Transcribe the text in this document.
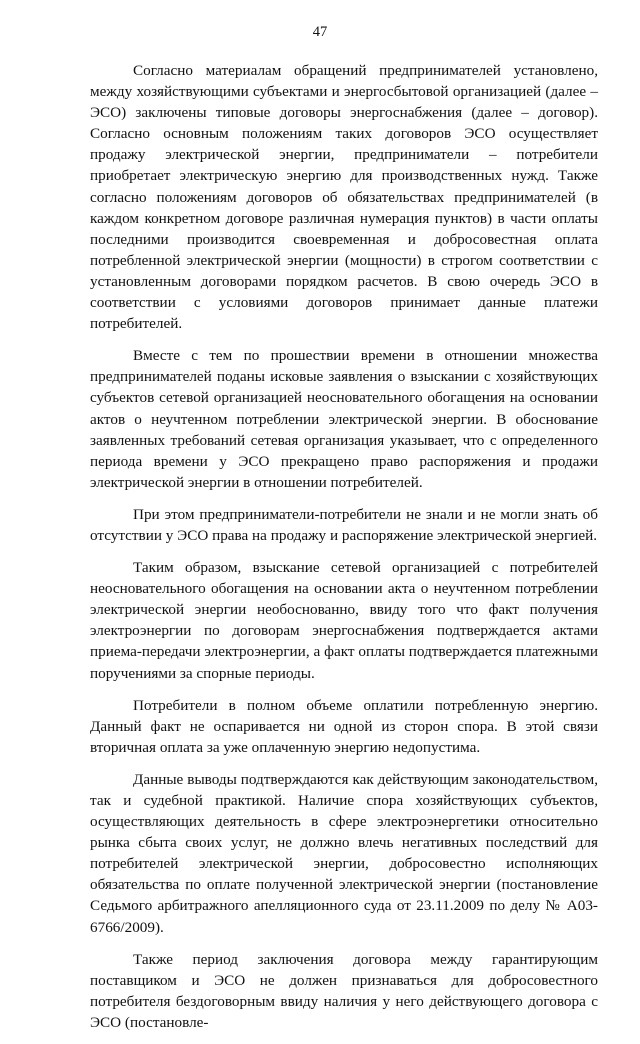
47

Согласно материалам обращений предпринимателей установлено, между хозяйствующими субъектами и энергосбытовой организацией (далее – ЭСО) заключены типовые договоры энергоснабжения (далее – договор). Согласно основным положениям таких договоров ЭСО осуществляет продажу электрической энергии, предприниматели – потребители приобретает электрическую энергию для производственных нужд. Также согласно положениям договоров об обязательствах предпринимателей (в каждом конкретном договоре различная нумерация пунктов) в части оплаты последними производится своевременная и добросовестная оплата потребленной электрической энергии (мощности) в строгом соответствии с установленным договорами порядком расчетов. В свою очередь ЭСО в соответствии с условиями договоров принимает данные платежи потребителей.

Вместе с тем по прошествии времени в отношении множества предпринимателей поданы исковые заявления о взыскании с хозяйствующих субъектов сетевой организацией неосновательного обогащения на основании актов о неучтенном потреблении электрической энергии. В обоснование заявленных требований сетевая организация указывает, что с определенного периода времени у ЭСО прекращено право распоряжения и продажи электрической энергии в отношении потребителей.

При этом предприниматели-потребители не знали и не могли знать об отсутствии у ЭСО права на продажу и распоряжение электрической энергией.

Таким образом, взыскание сетевой организацией с потребителей неосновательного обогащения на основании акта о неучтенном потреблении электрической энергии необоснованно, ввиду того что факт получения электроэнергии по договорам энергоснабжения подтверждается актами приема-передачи электроэнергии, а факт оплаты подтверждается платежными поручениями за спорные периоды.

Потребители в полном объеме оплатили потребленную энергию. Данный факт не оспаривается ни одной из сторон спора. В этой связи вторичная оплата за уже оплаченную энергию недопустима.

Данные выводы подтверждаются как действующим законодательством, так и судебной практикой. Наличие спора хозяйствующих субъектов, осуществляющих деятельность в сфере электроэнергетики относительно рынка сбыта своих услуг, не должно влечь негативных последствий для потребителей электрической энергии, добросовестно исполняющих обязательства по оплате полученной электрической энергии (постановление Седьмого арбитражного апелляционного суда от 23.11.2009 по делу № А03-6766/2009).

Также период заключения договора между гарантирующим поставщиком и ЭСО не должен признаваться для добросовестного потребителя бездоговорным ввиду наличия у него действующего договора с ЭСО (постановле-
